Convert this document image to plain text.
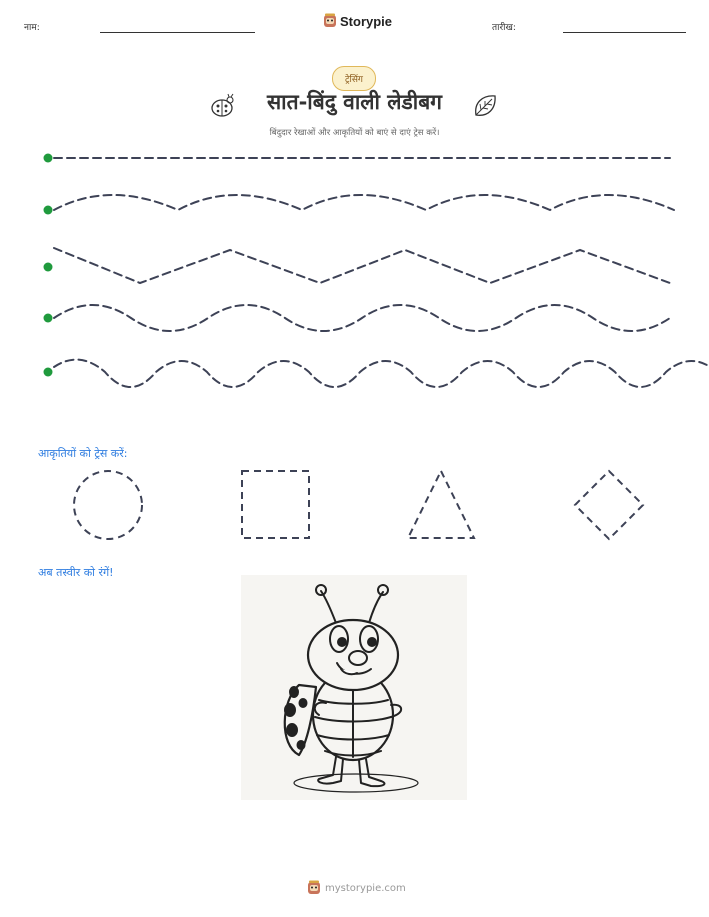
नाम:	Storypie	तारीख:
ट्रेसिंग
सात-बिंदु वाली लेडीबग
बिंदुदार रेखाओं और आकृतियों को बाएं से दाएं ट्रेस करें।
आकृतियों को ट्रेस करें:
अब तस्वीर को रंगें!
mystorypie.com
